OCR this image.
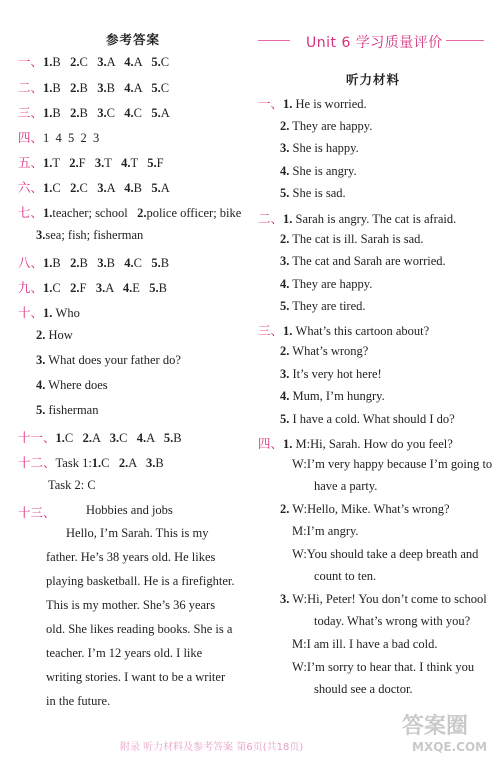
参考答案
一、1.B 2.C 3.A 4.A 5.C
二、1.B 2.B 3.B 4.A 5.C
三、1.B 2.B 3.C 4.C 5.A
四、1  4  5  2  3
五、1.T 2.F 3.T 4.T 5.F
六、1.C 2.C 3.A 4.B 5.A
七、1.teacher; school 2.police officer; bike
3.sea; fish; fisherman
八、1.B 2.B 3.B 4.C 5.B
九、1.C 2.F 3.A 4.E 5.B
十、1. Who
2. How
3. What does your father do?
4. Where does
5. fisherman
十一、1.C 2.A 3.C 4.A 5.B
十二、Task 1:1.C 2.A 3.B
Task 2: C
十三、 Hobbies and jobs
Hello, I’m Sarah. This is my
father. He’s 38 years old. He likes
playing basketball. He is a firefighter.
This is my mother. She’s 36 years
old. She likes reading books. She is a
teacher. I’m 12 years old. I like
writing stories. I want to be a writer
in the future.
Unit 6 学习质量评价
听力材料
一、1. He is worried.
2. They are happy.
3. She is happy.
4. She is angry.
5. She is sad.
二、1. Sarah is angry. The cat is afraid.
2. The cat is ill. Sarah is sad.
3. The cat and Sarah are worried.
4. They are happy.
5. They are tired.
三、1. What’s this cartoon about?
2. What’s wrong?
3. It’s very hot here!
4. Mum, I’m hungry.
5. I have a cold. What should I do?
四、1. M:Hi, Sarah. How do you feel?
W:I’m very happy because I’m going to
have a party.
2. W:Hello, Mike. What’s wrong?
M:I’m angry.
W:You should take a deep breath and
count to ten.
3. W:Hi, Peter! You don’t come to school
today. What’s wrong with you?
M:I am ill. I have a bad cold.
W:I’m sorry to hear that. I think you
should see a doctor.
附录 听力材料及参考答案 第6页(共18页)
答案圈
MXQE.COM
